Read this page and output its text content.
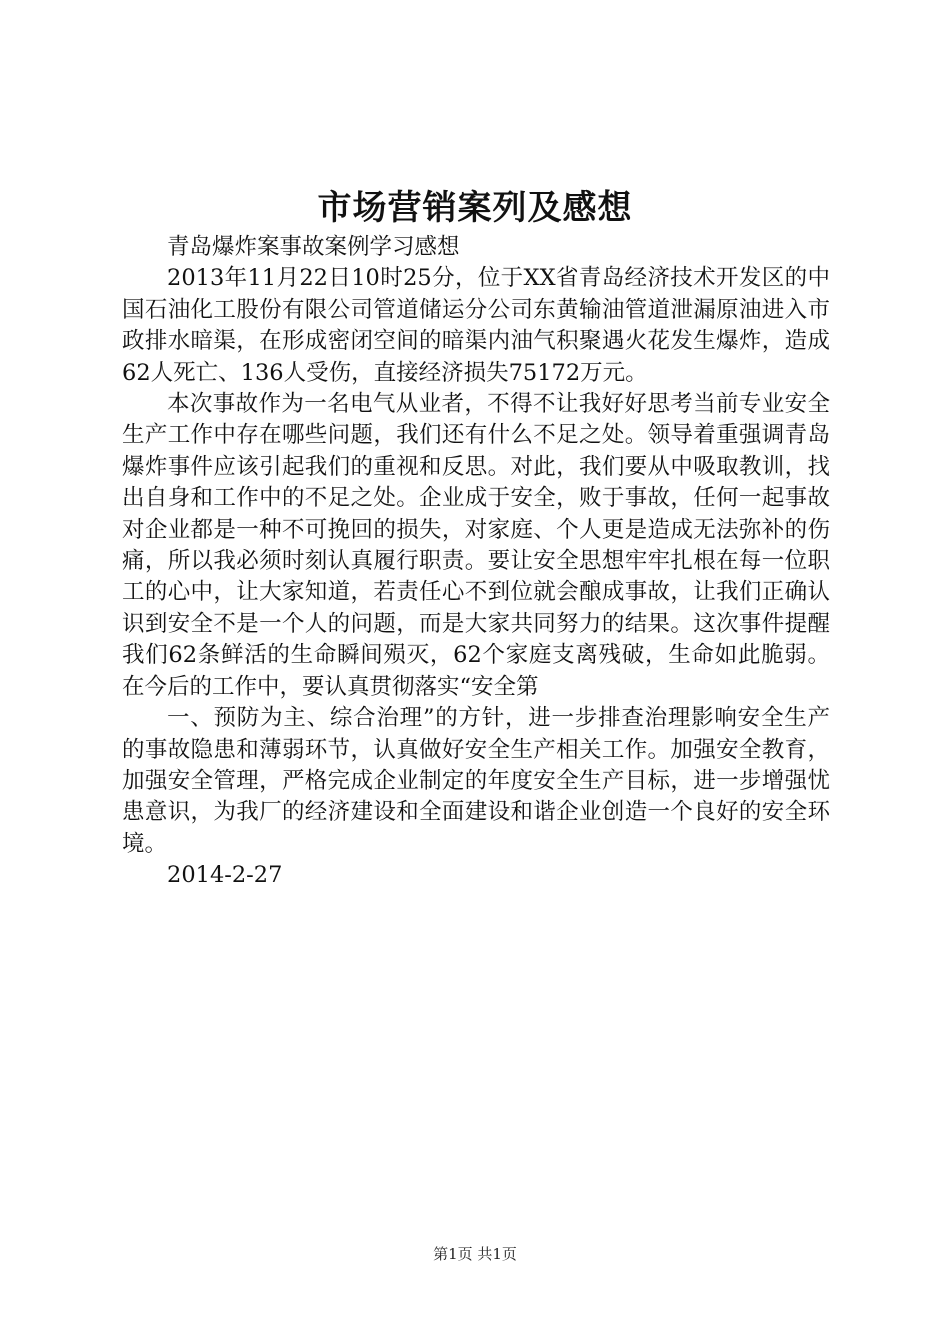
市场营销案列及感想

青岛爆炸案事故案例学习感想

2013年11月22日10时25分，位于XX省青岛经济技术开发区的中国石油化工股份有限公司管道储运分公司东黄输油管道泄漏原油进入市政排水暗渠，在形成密闭空间的暗渠内油气积聚遇火花发生爆炸，造成62人死亡、136人受伤，直接经济损失75172万元。

本次事故作为一名电气从业者，不得不让我好好思考当前专业安全生产工作中存在哪些问题，我们还有什么不足之处。领导着重强调青岛爆炸事件应该引起我们的重视和反思。对此，我们要从中吸取教训，找出自身和工作中的不足之处。企业成于安全，败于事故，任何一起事故对企业都是一种不可挽回的损失，对家庭、个人更是造成无法弥补的伤痛，所以我必须时刻认真履行职责。要让安全思想牢牢扎根在每一位职工的心中，让大家知道，若责任心不到位就会酿成事故，让我们正确认识到安全不是一个人的问题，而是大家共同努力的结果。这次事件提醒我们62条鲜活的生命瞬间殒灭，62个家庭支离残破，生命如此脆弱。在今后的工作中，要认真贯彻落实“安全第

一、预防为主、综合治理”的方针，进一步排查治理影响安全生产的事故隐患和薄弱环节，认真做好安全生产相关工作。加强安全教育，加强安全管理，严格完成企业制定的年度安全生产目标，进一步增强忧患意识，为我厂的经济建设和全面建设和谐企业创造一个良好的安全环境。

2014-2-27

第1页 共1页
